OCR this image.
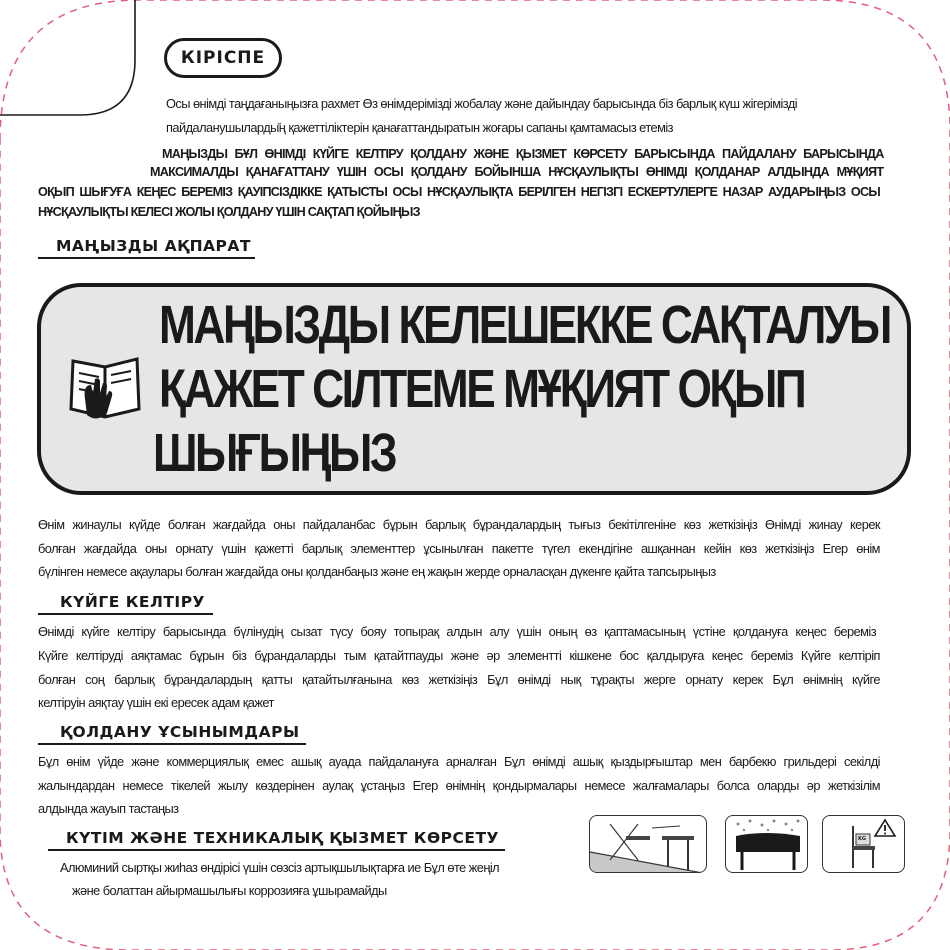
КІРІСПЕ
Осы өнімді таңдағаныңызға рахмет Өз өнімдерімізді жобалау және дайындау барысында біз барлық күш жігерімізді
пайдаланушыларды̆ң қажеттіліктерін қанағаттандыратын жоғары сапаны қамтамасыз етеміз
МАҢЫЗДЫ БҰЛ ӨНІМДІ КҮЙГЕ КЕЛТІРУ ҚОЛДАНУ ЖӘНЕ ҚЫЗМЕТ КӨРСЕТУ БАРЫСЫНДА ПАЙДАЛАНУ БАРЫСЫНДА
МАКСИМАЛДЫ ҚАНАҒАТТАНУ ҮШІН ОСЫ ҚОЛДАНУ БОЙЫНША НҰСҚАУЛЫҚТЫ ӨНІМДІ ҚОЛДАНАР АЛДЫНДА МҰҚИЯТ
ОҚЫП ШЫҒУҒА КЕҢЕС БЕРЕМІЗ ҚАУІПСІЗДІККЕ ҚАТЫСТЫ ОСЫ НҰСҚАУЛЫҚТА БЕРІЛГЕН НЕГІЗГІ ЕСКЕРТУЛЕРГЕ НАЗАР АУДАРЫҢЫЗ ОСЫ
НҰСҚАУЛЫҚТЫ КЕЛЕСІ ЖОЛЫ ҚОЛДАНУ ҮШІН САҚТАП ҚОЙЫҢЫЗ
МАҢЫЗДЫ АҚПАРАТ
МАҢЫЗДЫ КЕЛЕШЕККЕ САҚТАЛУЫ
ҚАЖЕТ СІЛТЕМЕ МҰҚИЯТ ОҚЫП
ШЫҒЫҢЫЗ
Өнім жинаулы күйде болған жағдайда оны пайдаланбас бұрын барлық бұрандалардың тығыз бекітілгеніне көз жеткізіңіз Өнімді жинау керек
болған жағдайда оны орнату үшін қажетті барлық элементтер ұсынылған пакетте түгел екендігіне ашқаннан кейін көз жеткізіңіз Егер өнім
бүлінген немесе ақаулары болған жағдайда оны қолданбаңыз және ең жақын жерде орналасқан дүкенге қайта тапсырыңыз
КҮЙГЕ КЕЛТІРУ
Өнімді күйге келтіру барысында бүлінудің сызат түсу бояу топырақ алдын алу үшін оның өз қаптамасының үстіне қолдануға кеңес береміз
Күйге келтіруді аяқтамас бұрын біз бұрандаларды тым қатайтпауды және әр элементті кішкене бос қалдыруға кеңес береміз Күйге келтіріп
болған соң барлық бұрандалардың қатты қатайтылғанына көз жеткізіңіз Бұл өнімді нық тұрақты жерге орнату керек Бұл өнімнің күйге
келтіруін аяқтау үшін екі ересек адам қажет
ҚОЛДАНУ ҰСЫНЫМДАРЫ
Бұл өнім үйде және коммерциялық емес ашық ауада пайдалануға арналған Бұл өнімді ашық қыздырғыштар мен барбекю грильдері секілді
жалындардан немесе тікелей жылу көздерінен аулақ ұстаңыз Егер өнімнің қондырмалары немесе жалғамалары болса оларды әр жеткізілім
алдында жауып тастаңыз
КҮТІМ ЖӘНЕ ТЕХНИКАЛЫҚ ҚЫЗМЕТ КӨРСЕТУ
Алюминий сыртқы жиһаз өндірісі үшін сөзсіз артықшылықтарға ие Бұл өте жеңіл
және болаттан айырмашылығы коррозияға ұшырамайды
KG
